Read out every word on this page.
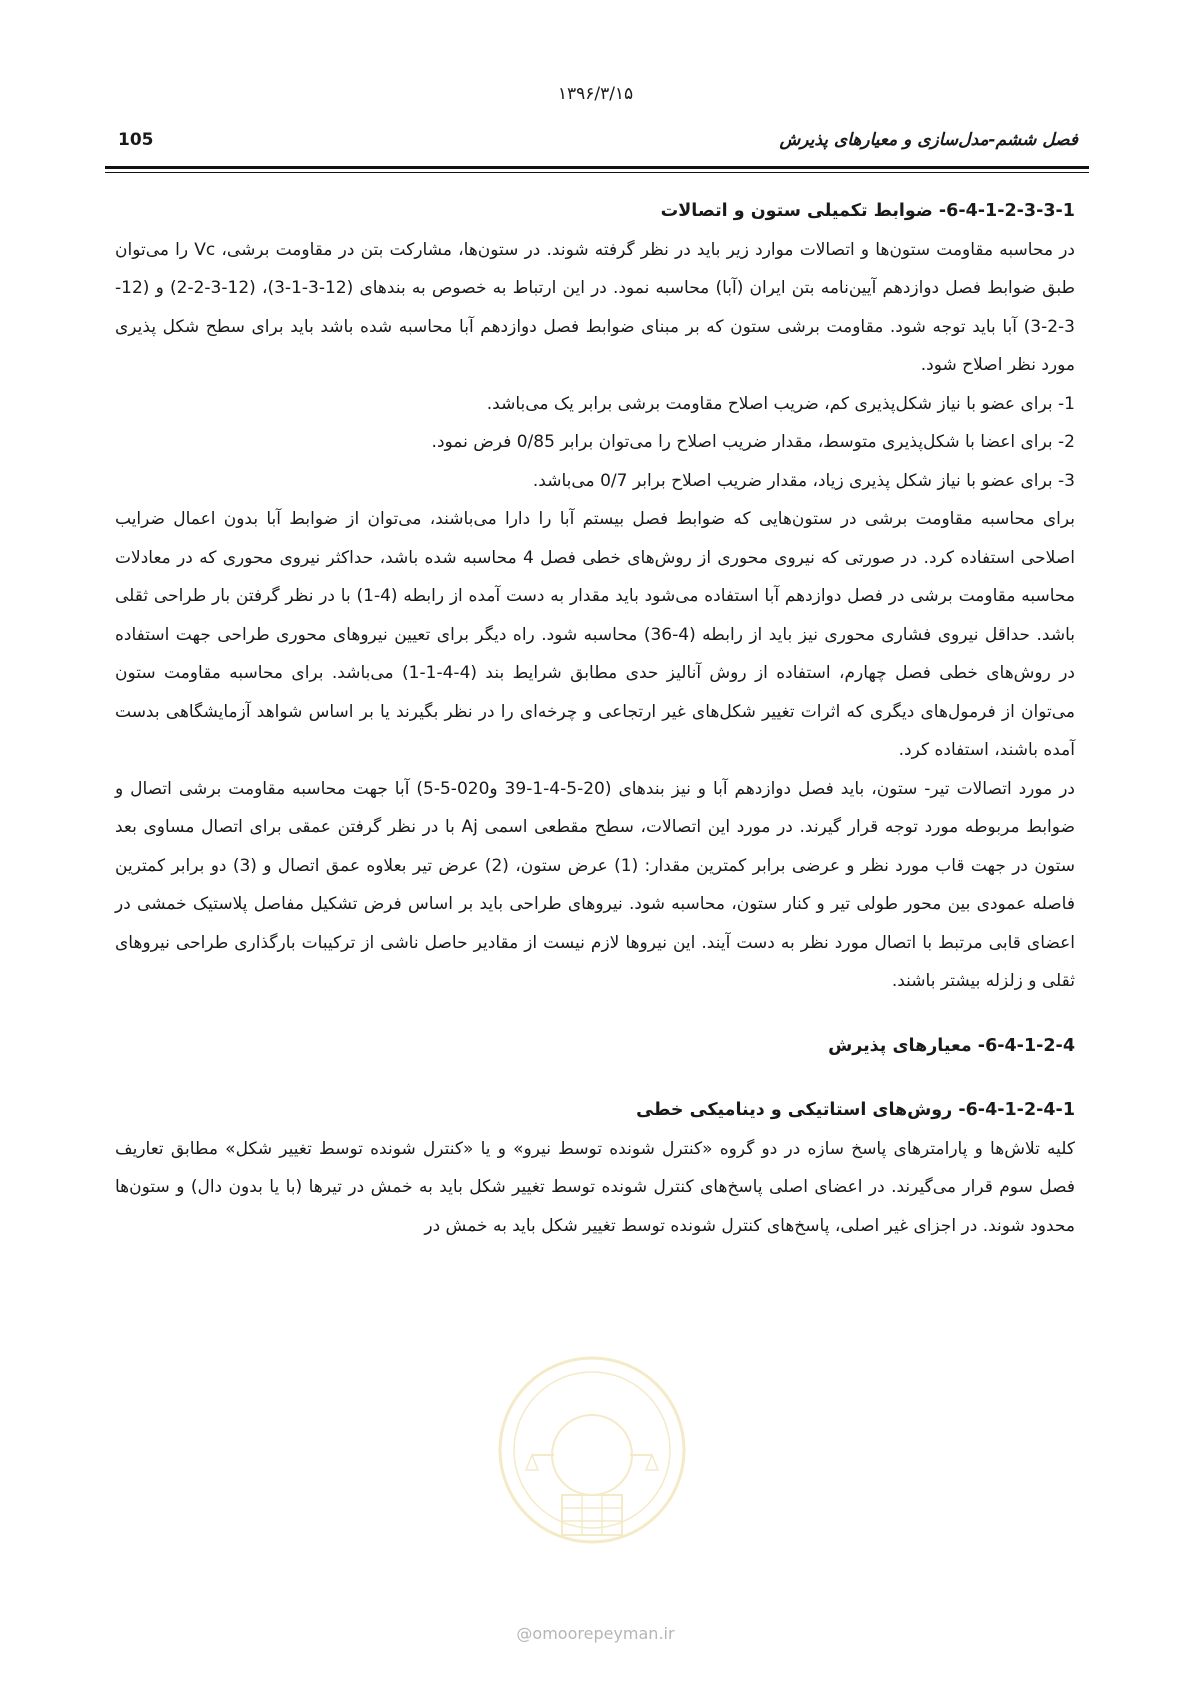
۱۳۹۶/۳/۱۵
105	فصل ششم-مدل‌سازی و معیارهای پذیرش
6-4-1-2-3-3-1- ضوابط تکمیلی ستون و اتصالات

در محاسبه مقاومت ستون‌ها و اتصالات موارد زیر باید در نظر گرفته شوند. در ستون‌ها، مشارکت بتن در مقاومت برشی، Vc را می‌توان طبق ضوابط فصل دوازدهم آیین‌نامه بتن ایران (آبا) محاسبه نمود. در این ارتباط به خصوص به بندهای (12-3-1-3)، (12-3-2-2) و (12-3-2-3) آبا باید توجه شود. مقاومت برشی ستون که بر مبنای ضوابط فصل دوازدهم آبا محاسبه شده باشد باید برای سطح شکل پذیری مورد نظر اصلاح شود.

1- برای عضو با نیاز شکل‌پذیری کم، ضریب اصلاح مقاومت برشی برابر یک می‌باشد.

2- برای اعضا با شکل‌پذیری متوسط، مقدار ضریب اصلاح را می‌توان برابر 0/85 فرض نمود.

3- برای عضو با نیاز شکل پذیری زیاد، مقدار ضریب اصلاح برابر 0/7 می‌باشد.

برای محاسبه مقاومت برشی در ستون‌هایی که ضوابط فصل بیستم آبا را دارا می‌باشند، می‌توان از ضوابط آبا بدون اعمال ضرایب اصلاحی استفاده کرد. در صورتی که نیروی محوری از روش‌های خطی فصل 4 محاسبه شده باشد، حداکثر نیروی محوری که در معادلات محاسبه مقاومت برشی در فصل دوازدهم آبا استفاده می‌شود باید مقدار به دست آمده از رابطه (4-1) با در نظر گرفتن بار طراحی ثقلی باشد. حداقل نیروی فشاری محوری نیز باید از رابطه (4-36) محاسبه شود. راه دیگر برای تعیین نیروهای محوری طراحی جهت استفاده در روش‌های خطی فصل چهارم، استفاده از روش آنالیز حدی مطابق شرایط بند (4-4-1-1) می‌باشد. برای محاسبه مقاومت ستون می‌توان از فرمول‌های دیگری که اثرات تغییر شکل‌های غیر ارتجاعی و چرخه‌ای را در نظر بگیرند یا بر اساس شواهد آزمایشگاهی بدست آمده باشند، استفاده کرد.

در مورد اتصالات تیر- ستون، باید فصل دوازدهم آبا و نیز بندهای (20-5-4-1-39 و020-5-5) آبا جهت محاسبه مقاومت برشی اتصال و ضوابط مربوطه مورد توجه قرار گیرند. در مورد این اتصالات، سطح مقطعی اسمی Aj با در نظر گرفتن عمقی برای اتصال مساوی بعد ستون در جهت قاب مورد نظر و عرضی برابر کمترین مقدار: (1) عرض ستون، (2) عرض تیر بعلاوه عمق اتصال و (3) دو برابر کمترین فاصله عمودی بین محور طولی تیر و کنار ستون، محاسبه شود. نیروهای طراحی باید بر اساس فرض تشکیل مفاصل پلاستیک خمشی در اعضای قابی مرتبط با اتصال مورد نظر به دست آیند. این نیروها لازم نیست از مقادیر حاصل ناشی از ترکیبات بارگذاری طراحی نیروهای ثقلی و زلزله بیشتر باشند.

6-4-1-2-4- معیارهای پذیرش
6-4-1-2-4-1- روش‌های استاتیکی و دینامیکی خطی

کلیه تلاش‌ها و پارامترهای پاسخ سازه در دو گروه «کنترل شونده توسط نیرو» و یا «کنترل شونده توسط تغییر شکل» مطابق تعاریف فصل سوم قرار می‌گیرند. در اعضای اصلی پاسخ‌های کنترل شونده توسط تغییر شکل باید به خمش در تیرها (با یا بدون دال) و ستون‌ها محدود شوند. در اجزای غیر اصلی، پاسخ‌های کنترل شونده توسط تغییر شکل باید به خمش در

@omoorepeyman.ir
